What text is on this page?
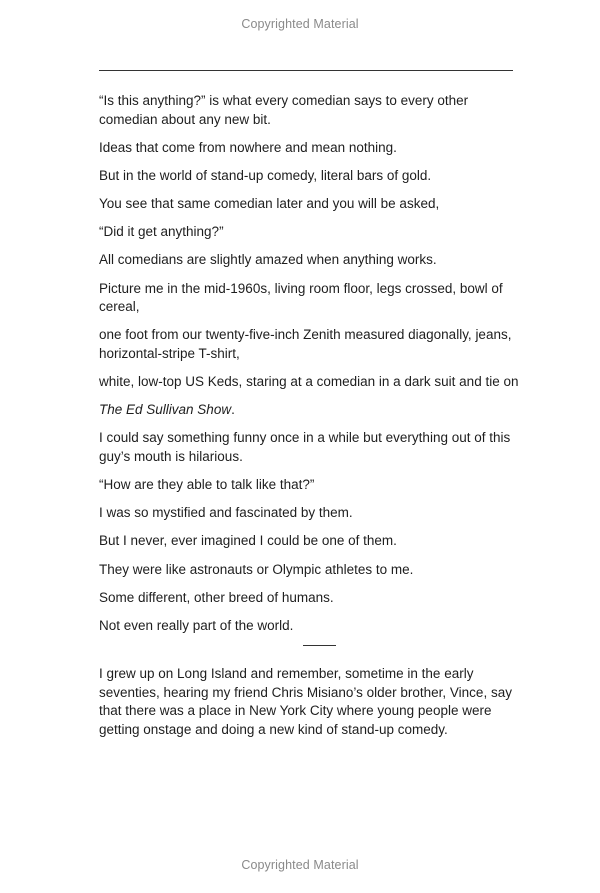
Copyrighted Material

“Is this anything?” is what every comedian says to every other comedian about any new bit.

Ideas that come from nowhere and mean nothing.

But in the world of stand-up comedy, literal bars of gold.

You see that same comedian later and you will be asked,

“Did it get anything?”

All comedians are slightly amazed when anything works.

Picture me in the mid-1960s, living room floor, legs crossed, bowl of cereal,

one foot from our twenty-five-inch Zenith measured diagonally, jeans, horizontal-stripe T-shirt,

white, low-top US Keds, staring at a comedian in a dark suit and tie on

The Ed Sullivan Show.

I could say something funny once in a while but everything out of this guy’s mouth is hilarious.

“How are they able to talk like that?”

I was so mystified and fascinated by them.

But I never, ever imagined I could be one of them.

They were like astronauts or Olympic athletes to me.

Some different, other breed of humans.

Not even really part of the world.

I grew up on Long Island and remember, sometime in the early seventies, hearing my friend Chris Misiano’s older brother, Vince, say that there was a place in New York City where young people were getting onstage and doing a new kind of stand-up comedy.

Copyrighted Material
